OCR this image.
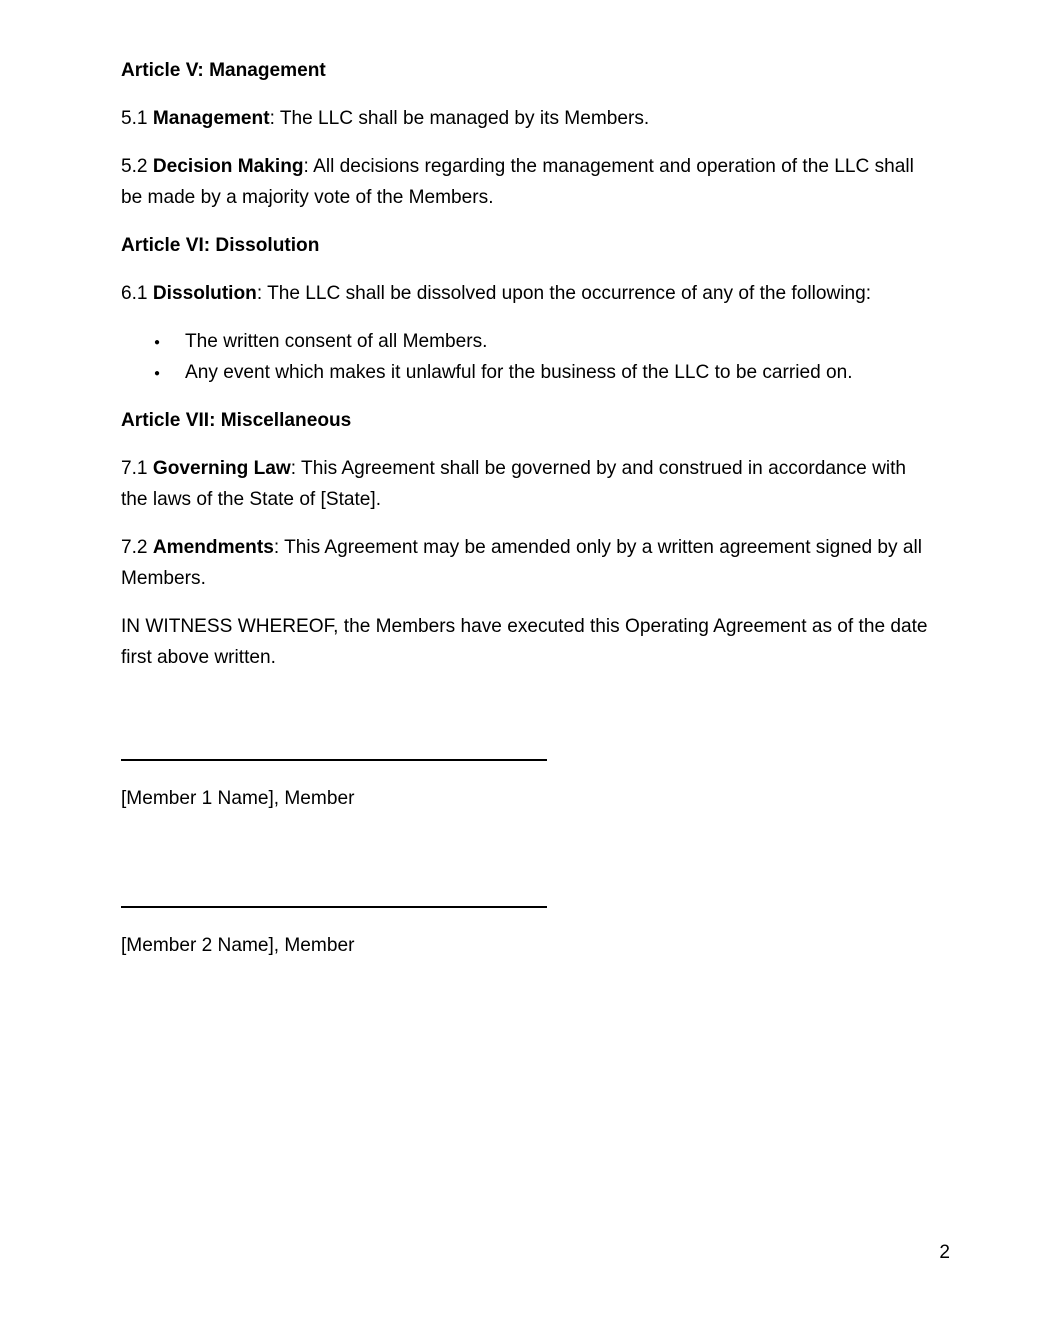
Article V: Management

5.1 Management: The LLC shall be managed by its Members.

5.2 Decision Making: All decisions regarding the management and operation of the LLC shall be made by a majority vote of the Members.

Article VI: Dissolution

6.1 Dissolution: The LLC shall be dissolved upon the occurrence of any of the following:

● The written consent of all Members.
● Any event which makes it unlawful for the business of the LLC to be carried on.

Article VII: Miscellaneous

7.1 Governing Law: This Agreement shall be governed by and construed in accordance with the laws of the State of [State].

7.2 Amendments: This Agreement may be amended only by a written agreement signed by all Members.

IN WITNESS WHEREOF, the Members have executed this Operating Agreement as of the date first above written.

[Member 1 Name], Member

[Member 2 Name], Member

2
